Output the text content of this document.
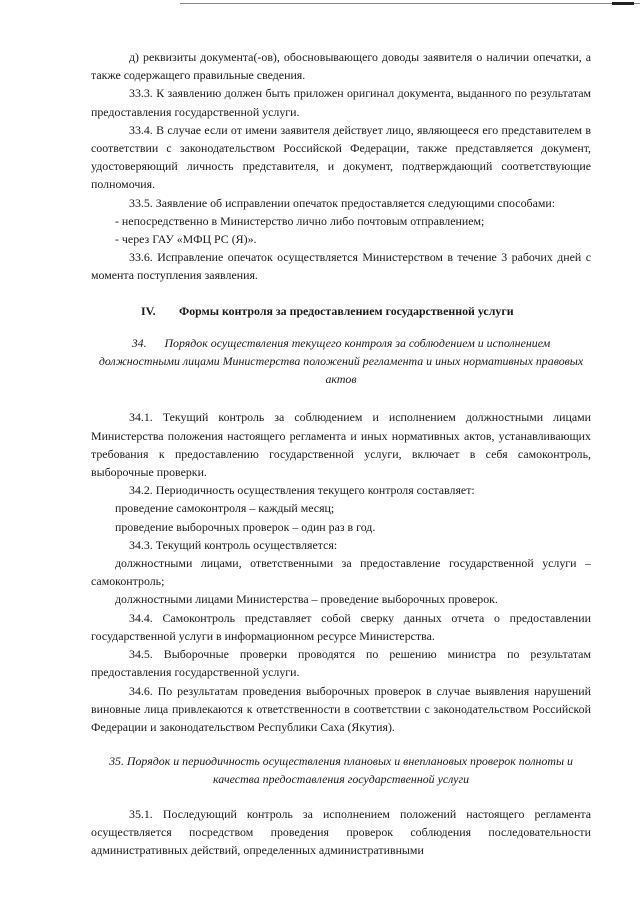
д) реквизиты документа(-ов), обосновывающего доводы заявителя о наличии опечатки, а также содержащего правильные сведения.

33.3. К заявлению должен быть приложен оригинал документа, выданного по результатам предоставления государственной услуги.

33.4. В случае если от имени заявителя действует лицо, являющееся его представителем в соответствии с законодательством Российской Федерации, также представляется документ, удостоверяющий личность представителя, и документ, подтверждающий соответствующие полномочия.

33.5. Заявление об исправлении опечаток предоставляется следующими способами:

- непосредственно в Министерство лично либо почтовым отправлением;

- через ГАУ «МФЦ РС (Я)».

33.6. Исправление опечаток осуществляется Министерством в течение 3 рабочих дней с момента поступления заявления.

IV. Формы контроля за предоставлением государственной услуги

34. Порядок осуществления текущего контроля за соблюдением и исполнением должностными лицами Министерства положений регламента и иных нормативных правовых актов

34.1. Текущий контроль за соблюдением и исполнением должностными лицами Министерства положения настоящего регламента и иных нормативных актов, устанавливающих требования к предоставлению государственной услуги, включает в себя самоконтроль, выборочные проверки.

34.2. Периодичность осуществления текущего контроля составляет:

проведение самоконтроля – каждый месяц;

проведение выборочных проверок – один раз в год.

34.3. Текущий контроль осуществляется:

должностными лицами, ответственными за предоставление государственной услуги – самоконтроль;

должностными лицами Министерства – проведение выборочных проверок.

34.4. Самоконтроль представляет собой сверку данных отчета о предоставлении государственной услуги в информационном ресурсе Министерства.

34.5. Выборочные проверки проводятся по решению министра по результатам предоставления государственной услуги.

34.6. По результатам проведения выборочных проверок в случае выявления нарушений виновные лица привлекаются к ответственности в соответствии с законодательством Российской Федерации и законодательством Республики Саха (Якутия).

35. Порядок и периодичность осуществления плановых и внеплановых проверок полноты и качества предоставления государственной услуги

35.1. Последующий контроль за исполнением положений настоящего регламента осуществляется посредством проведения проверок соблюдения последовательности административных действий, определенных административными
